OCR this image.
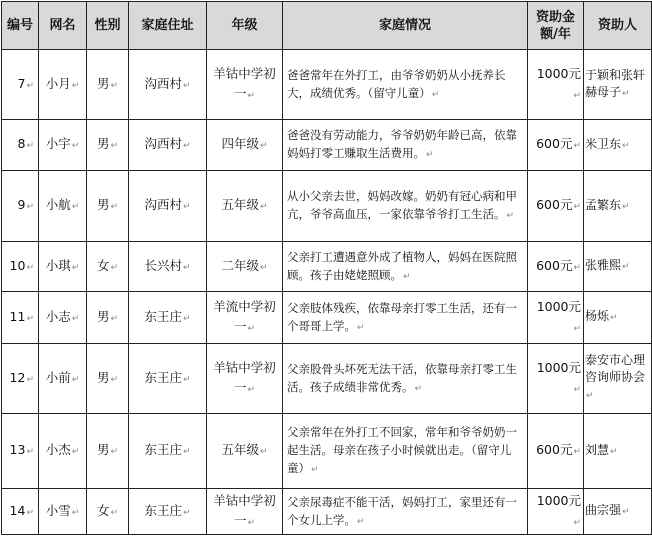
编号	网名	性别	家庭住址	年级	家庭情况	资助金额/年	资助人
7↵	小月↵	男↵	沟西村↵	羊钴中学初一↵	爸爸常年在外打工，由爷爷奶奶从小抚养长大，成绩优秀。（留守儿童）↵	1000元↵	于颖和张轩赫母子↵
8↵	小宇↵	男↵	沟西村↵	四年级↵	爸爸没有劳动能力，爷爷奶奶年龄已高，依靠妈妈打零工赚取生活费用。↵	600元↵	米卫东↵
9↵	小航↵	男↵	沟西村↵	五年级↵	从小父亲去世，妈妈改嫁。奶奶有冠心病和甲亢，爷爷高血压，一家依靠爷爷打工生活。↵	600元↵	孟繁东↵
10↵	小琪↵	女↵	长兴村↵	二年级↵	父亲打工遭遇意外成了植物人，妈妈在医院照顾。孩子由姥姥照顾。↵	600元↵	张雅熙↵
11↵	小志↵	男↵	东王庄↵	羊流中学初一↵	父亲肢体残疾，依靠母亲打零工生活，还有一个哥哥上学。↵	1000元↵	杨烁↵
12↵	小前↵	男↵	东王庄↵	羊钴中学初一↵	父亲股骨头坏死无法干活，依靠母亲打零工生活。孩子成绩非常优秀。↵	1000元↵	泰安市心理咨询师协会↵
13↵	小杰↵	男↵	东王庄↵	五年级↵	父亲常年在外打工不回家，常年和爷爷奶奶一起生活。母亲在孩子小时候就出走。（留守儿童）↵	600元↵	刘慧↵
14↵	小雪↵	女↵	东王庄↵	羊钴中学初一↵	父亲尿毒症不能干活，妈妈打工，家里还有一个女儿上学。↵	1000元↵	曲宗强↵
